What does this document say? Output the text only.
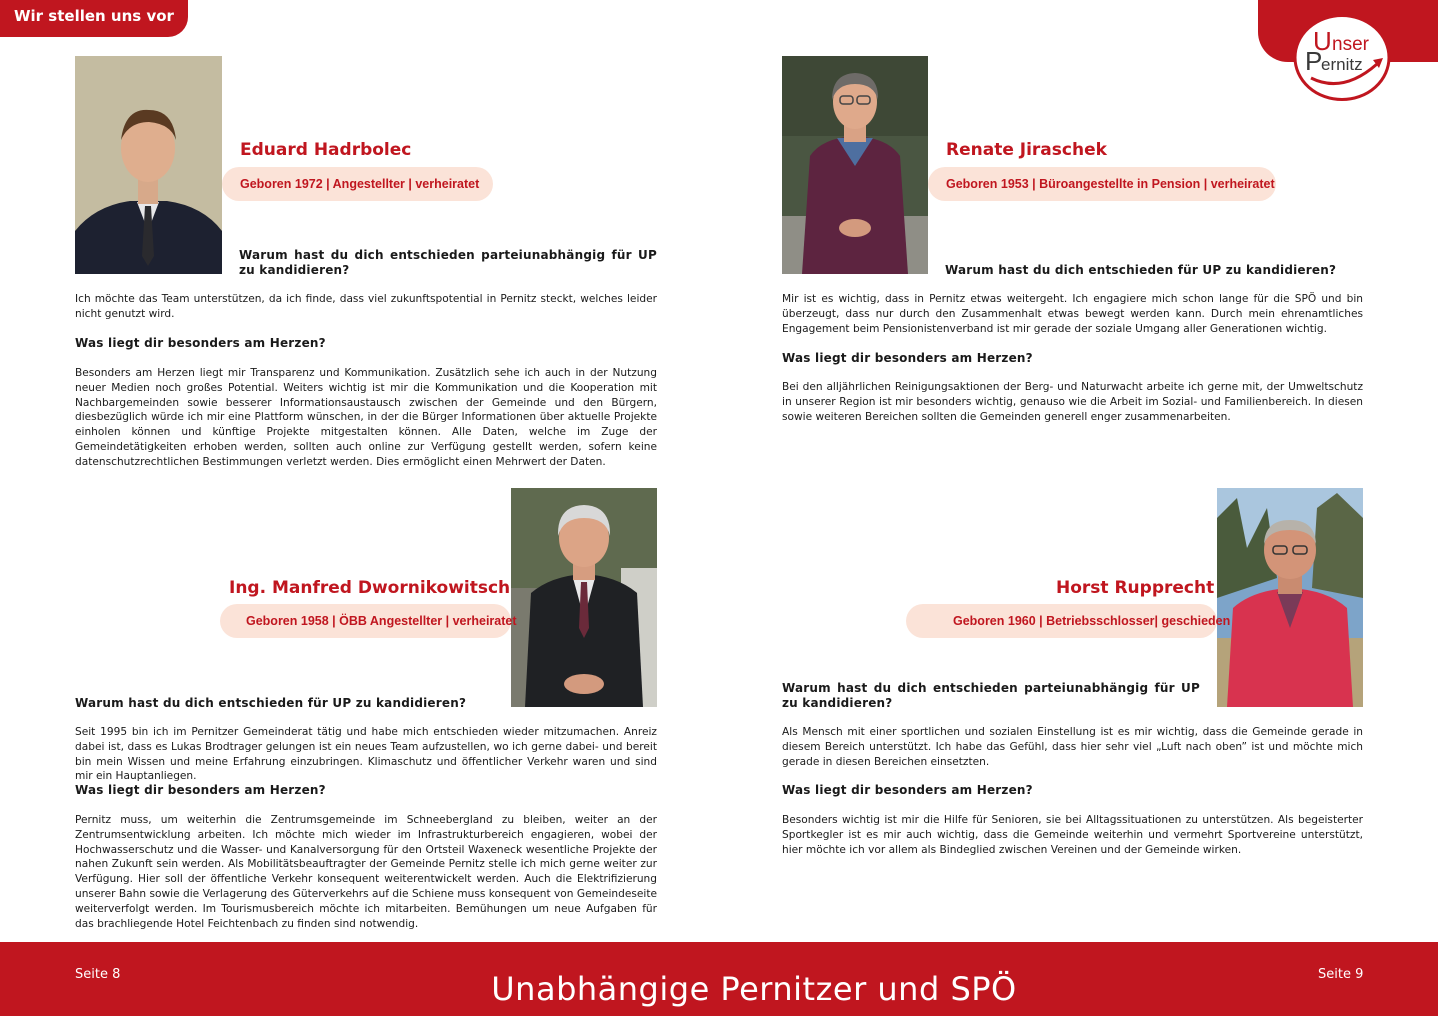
Wir stellen uns vor
U nser
P
ernitz
Geboren 1972 | Angestellter | verheiratet
Eduard Hadrbolec
Warum hast du dich entschieden parteiunabhängig für UP zu kandidieren?
Ich möchte das Team unterstützen, da ich finde, dass viel zukunftspotential in Pernitz steckt, welches leider nicht genutzt wird.
Was liegt dir besonders am Herzen?
Besonders am Herzen liegt mir Transparenz und Kommunikation. Zusätzlich sehe ich auch in der Nutzung neuer Medien noch großes Potential. Weiters wichtig ist mir die Kommunikation und die Kooperation mit Nachbargemeinden sowie besserer Informationsaustausch zwischen der Gemeinde und den Bürgern, diesbezüglich würde ich mir eine Plattform wünschen, in der die Bürger Informationen über aktuelle Projekte einholen können und künftige Projekte mitgestalten können. Alle Daten, welche im Zuge der Gemeindetätigkeiten erhoben werden, sollten auch online zur Verfügung gestellt werden, sofern keine datenschutzrechtlichen Bestimmungen verletzt werden. Dies ermöglicht einen Mehrwert der Daten.
Geboren 1953 | Büroangestellte in Pension | verheiratet
Renate Jiraschek
Warum hast du dich entschieden für UP zu kandidieren?
Mir ist es wichtig, dass in Pernitz etwas weitergeht. Ich engagiere mich schon lange für die SPÖ und bin überzeugt, dass nur durch den Zusammenhalt etwas bewegt werden kann. Durch mein ehrenamtliches Engagement beim Pensionistenverband ist mir gerade der soziale Umgang aller Generationen wichtig.
Was liegt dir besonders am Herzen?
Bei den alljährlichen Reinigungsaktionen der Berg- und Naturwacht arbeite ich gerne mit, der Umweltschutz in unserer Region ist mir besonders wichtig, genauso wie die Arbeit im Sozial- und Familienbereich. In diesen sowie weiteren Bereichen sollten die Gemeinden generell enger zusammenarbeiten.
Geboren 1958 | ÖBB Angestellter | verheiratet
Ing. Manfred Dwornikowitsch
Warum hast du dich entschieden für UP zu kandidieren?
Seit 1995 bin ich im Pernitzer Gemeinderat tätig und habe mich entschieden wieder mitzumachen. Anreiz dabei ist, dass es Lukas Brodtrager gelungen ist ein neues Team aufzustellen, wo ich gerne dabei- und bereit bin mein Wissen und meine Erfahrung einzubringen. Klimaschutz und öffentlicher Verkehr waren und sind mir ein Hauptanliegen.
Was liegt dir besonders am Herzen?
Pernitz muss, um weiterhin die Zentrumsgemeinde im Schneebergland zu bleiben, weiter an der Zentrumsentwicklung arbeiten. Ich möchte mich wieder im Infrastrukturbereich engagieren, wobei der Hochwasserschutz und die Wasser- und Kanalversorgung für den Ortsteil Waxeneck wesentliche Projekte der nahen Zukunft sein werden. Als Mobilitätsbeauftragter der Gemeinde Pernitz stelle ich mich gerne weiter zur Verfügung. Hier soll der öffentliche Verkehr konsequent weiterentwickelt werden. Auch die Elektrifizierung unserer Bahn sowie die Verlagerung des Güterverkehrs auf die Schiene muss konsequent von Gemeindeseite weiterverfolgt werden. Im Tourismusbereich möchte ich mitarbeiten. Bemühungen um neue Aufgaben für das brachliegende Hotel Feichtenbach zu finden sind notwendig.
Geboren 1960 | Betriebsschlosser| geschieden
Horst Rupprecht
Warum hast du dich entschieden parteiunabhängig für UP zu kandidieren?
Als Mensch mit einer sportlichen und sozialen Einstellung ist es mir wichtig, dass die Gemeinde gerade in diesem Bereich unterstützt. Ich habe das Gefühl, dass hier sehr viel „Luft nach oben” ist und möchte mich gerade in diesen Bereichen einsetzten.
Was liegt dir besonders am Herzen?
Besonders wichtig ist mir die Hilfe für Senioren, sie bei Alltagssituationen zu unterstützen. Als begeisterter Sportkegler ist es mir auch wichtig, dass die Gemeinde weiterhin und vermehrt Sportvereine unterstützt, hier möchte ich vor allem als Bindeglied zwischen Vereinen und der Gemeinde wirken.
Seite 8	Seite 9
Unabhängige Pernitzer und SPÖ
